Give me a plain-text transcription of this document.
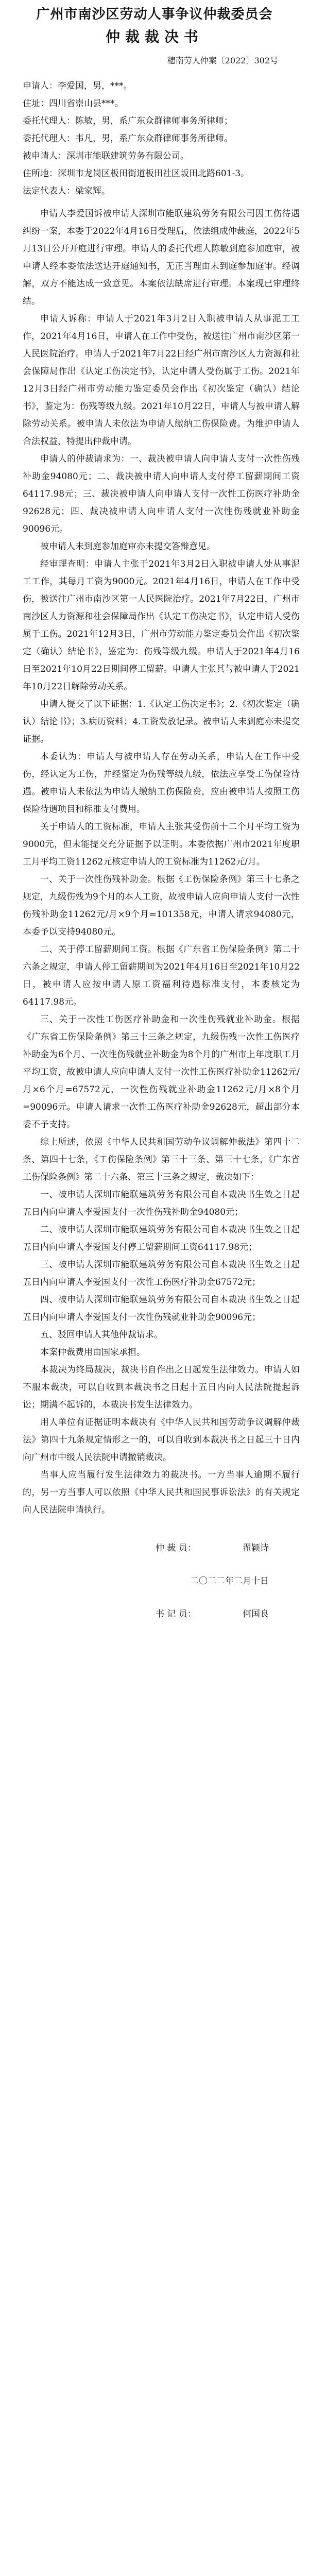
广州市南沙区劳动人事争议仲裁委员会
仲裁裁决书
穗南劳人仲案〔2022〕302号

申请人：李爱国，男，***。

住址：四川省崇山县***。

委托代理人：陈敏，男，系广东众群律师事务所律师；

委托代理人：韦凡，男，系广东众群律师事务所律师。

被申请人：深圳市能联建筑劳务有限公司。

住所地：深圳市龙岗区板田街道板田社区坂田北路601-3。

法定代表人：梁家辉。

申请人李爱国诉被申请人深圳市能联建筑劳务有限公司因工伤待遇纠纷一案，本委于2022年4月16日受理后，依法组成仲裁庭，2022年5月13日公开开庭进行审理。申请人的委托代理人陈敏到庭参加庭审，被申请人经本委依法送达开庭通知书，无正当理由未到庭参加庭审。经调解，双方不能达成一致意见。本案依法缺席进行审理。本案现已审理终结。

申请人诉称：申请人于2021年3月2日入职被申请人从事泥工工作，2021年4月16日，申请人在工作中受伤，被送往广州市南沙区第一人民医院治疗。申请人于2021年7月22日经广州市南沙区人力资源和社会保障局作出《认定工伤决定书》，认定申请人受伤属于工伤。2021年12月3日经广州市劳动能力鉴定委员会作出《初次鉴定（确认）结论书》，鉴定为：伤残等级九级。2021年10月22日，申请人与被申请人解除劳动关系。被申请人未依法为申请人缴纳工伤保险费。为维护申请人合法权益，特提出仲裁申请。

申请人的仲裁请求为：一、裁决被申请人向申请人支付一次性伤残补助金94080元；二、裁决被申请人向申请人支付停工留薪期间工资64117.98元；三、裁决被申请人向申请人支付一次性工伤医疗补助金92628元；四、裁决被申请人向申请人支付一次性伤残就业补助金90096元。

被申请人未到庭参加庭审亦未提交答辩意见。

经审理查明：申请人主张于2021年3月2日入职被申请人处从事泥工工作，其每月工资为9000元。2021年4月16日，申请人在工作中受伤，被送往广州市南沙区第一人民医院治疗。2021年7月22日，广州市南沙区人力资源和社会保障局作出《认定工伤决定书》，认定申请人受伤属于工伤。2021年12月3日，广州市劳动能力鉴定委员会作出《初次鉴定（确认）结论书》，鉴定为：伤残等级九级。申请人于2021年4月16日至2021年10月22日期间停工留薪。申请人主张其与被申请人于2021年10月22日解除劳动关系。

申请人提交了以下证据：1.《认定工伤决定书》；2.《初次鉴定（确认）结论书》；3.病历资料；4.工资发放记录。被申请人未到庭亦未提交证据。

本委认为：申请人与被申请人存在劳动关系，申请人在工作中受伤，经认定为工伤，并经鉴定为伤残等级九级，依法应享受工伤保险待遇。被申请人未依法为申请人缴纳工伤保险费，应由被申请人按照工伤保险待遇项目和标准支付费用。

关于申请人的工资标准，申请人主张其受伤前十二个月平均工资为9000元，但未能提交充分证据予以证明。本委依据广州市2021年度职工月平均工资11262元核定申请人的工资标准为11262元/月。

一、关于一次性伤残补助金。根据《工伤保险条例》第三十七条之规定，九级伤残为9个月的本人工资，故被申请人应向申请人支付一次性伤残补助金11262元/月×9个月=101358元，申请人请求94080元，本委予以支持94080元。

二、关于停工留薪期间工资。根据《广东省工伤保险条例》第二十六条之规定，申请人停工留薪期间为2021年4月16日至2021年10月22日，被申请人应按申请人原工资福利待遇标准支付，本委核定为64117.98元。

三、关于一次性工伤医疗补助金和一次性伤残就业补助金。根据《广东省工伤保险条例》第三十三条之规定，九级伤残一次性工伤医疗补助金为6个月、一次性伤残就业补助金为8个月的广州市上年度职工月平均工资，故被申请人应向申请人支付一次性工伤医疗补助金11262元/月×6个月=67572元，一次性伤残就业补助金11262元/月×8个月=90096元。申请人请求一次性工伤医疗补助金92628元，超出部分本委不予支持。

综上所述，依照《中华人民共和国劳动争议调解仲裁法》第四十二条、第四十七条，《工伤保险条例》第三十三条、第三十七条，《广东省工伤保险条例》第二十六条、第三十三条之规定，裁决如下：

一、被申请人深圳市能联建筑劳务有限公司自本裁决书生效之日起五日内向申请人李爱国支付一次性伤残补助金94080元；

二、被申请人深圳市能联建筑劳务有限公司自本裁决书生效之日起五日内向申请人李爱国支付停工留薪期间工资64117.98元；

三、被申请人深圳市能联建筑劳务有限公司自本裁决书生效之日起五日内向申请人李爱国支付一次性工伤医疗补助金67572元；

四、被申请人深圳市能联建筑劳务有限公司自本裁决书生效之日起五日内向申请人李爱国支付一次性伤残就业补助金90096元；

五、驳回申请人其他仲裁请求。

本案仲裁费用由国家承担。

本裁决为终局裁决，裁决书自作出之日起发生法律效力。申请人如不服本裁决，可以自收到本裁决书之日起十五日内向人民法院提起诉讼；期满不起诉的，本裁决书发生法律效力。

用人单位有证据证明本裁决有《中华人民共和国劳动争议调解仲裁法》第四十九条规定情形之一的，可以自收到本裁决书之日起三十日内向广州市中级人民法院申请撤销裁决。

当事人应当履行发生法律效力的裁决书。一方当事人逾期不履行的，另一方当事人可以依照《中华人民共和国民事诉讼法》的有关规定向人民法院申请执行。

仲 裁 员：	翟颖诗
二〇二二年二月十日
书 记 员：	何国良
